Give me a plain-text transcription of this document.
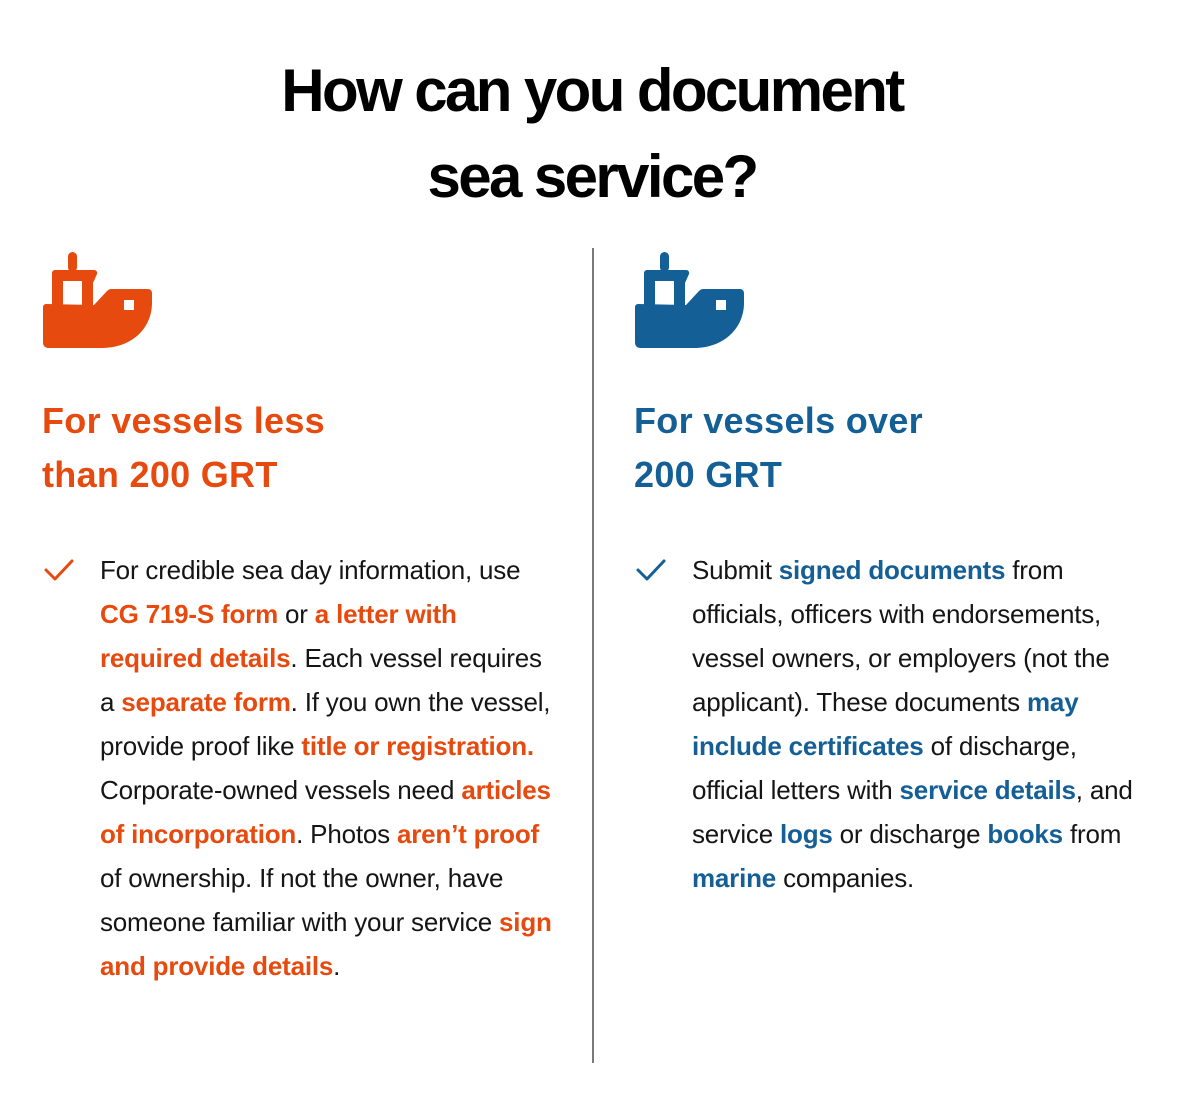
How can you document
sea service?
For vessels less
than 200 GRT
For credible sea day information, use CG 719-S form or a letter with required details. Each vessel requires a separate form. If you own the vessel, provide proof like title or registration. Corporate-owned vessels need articles of incorporation. Photos aren’t proof of ownership. If not the owner, have someone familiar with your service sign and provide details.
For vessels over
200 GRT
Submit signed documents from officials, officers with endorsements, vessel owners, or employers (not the applicant). These documents may include certificates of discharge, official letters with service details, and service logs or discharge books from marine companies.
